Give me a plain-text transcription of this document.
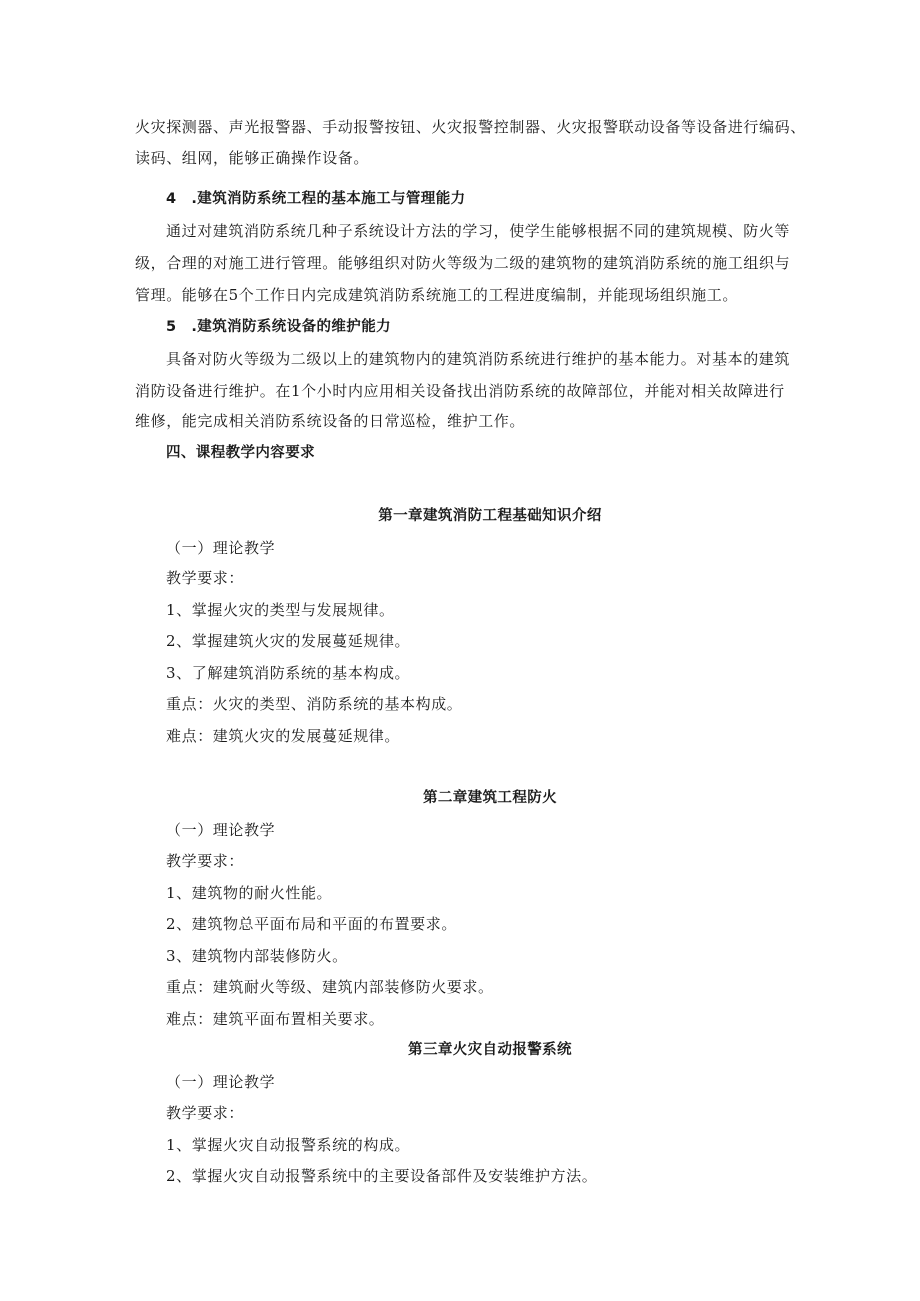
火灾探测器、声光报警器、手动报警按钮、火灾报警控制器、火灾报警联动设备等设备进行编码、
读码、组网，能够正确操作设备。
4　.建筑消防系统工程的基本施工与管理能力
通过对建筑消防系统几种子系统设计方法的学习，使学生能够根据不同的建筑规模、防火等
级，合理的对施工进行管理。能够组织对防火等级为二级的建筑物的建筑消防系统的施工组织与
管理。能够在5个工作日内完成建筑消防系统施工的工程进度编制，并能现场组织施工。
5　.建筑消防系统设备的维护能力
具备对防火等级为二级以上的建筑物内的建筑消防系统进行维护的基本能力。对基本的建筑
消防设备进行维护。在1个小时内应用相关设备找出消防系统的故障部位，并能对相关故障进行
维修，能完成相关消防系统设备的日常巡检，维护工作。
四、课程教学内容要求
第一章建筑消防工程基础知识介绍
（一）理论教学
教学要求：
1、掌握火灾的类型与发展规律。
2、掌握建筑火灾的发展蔓延规律。
3、了解建筑消防系统的基本构成。
重点：火灾的类型、消防系统的基本构成。
难点：建筑火灾的发展蔓延规律。
第二章建筑工程防火
（一）理论教学
教学要求：
1、建筑物的耐火性能。
2、建筑物总平面布局和平面的布置要求。
3、建筑物内部装修防火。
重点：建筑耐火等级、建筑内部装修防火要求。
难点：建筑平面布置相关要求。
第三章火灾自动报警系统
（一）理论教学
教学要求：
1、掌握火灾自动报警系统的构成。
2、掌握火灾自动报警系统中的主要设备部件及安装维护方法。
